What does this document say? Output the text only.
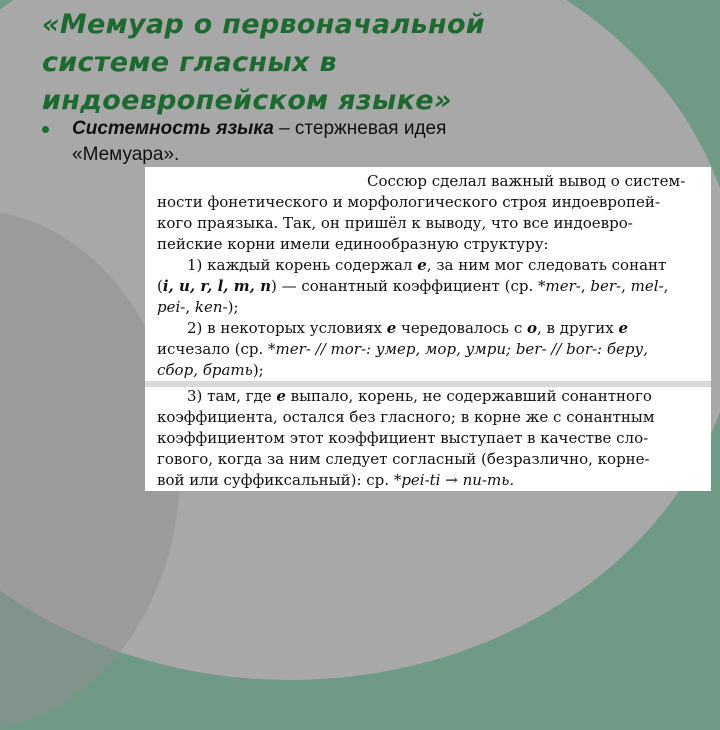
«Мемуар о первоначальной системе гласных в индоевропейском языке»
Системность языка – стержневая идея
«Мемуара».
Соссюр сделал важный вывод о систем-
ности фонетического и морфологического строя индоевропей-
кого праязыка. Так, он пришёл к выводу, что все индоевро-
пейские корни имели единообразную структуру:
1) каждый корень содержал e, за ним мог следовать сонант
(i, u, r, l, m, n) — сонантный коэффициент (ср. *mer-, ber-, mel-,
pei-, ken-);
2) в некоторых условиях e чередовалось с o, в других e
исчезало (ср. *mer- // mor-: умер, мор, умри; ber- // bor-: беру,
сбор, брать);
3) там, где e выпало, корень, не содержавший сонантного
коэффициента, остался без гласного; в корне же с сонантным
коэффициентом этот коэффициент выступает в качестве сло-
гового, когда за ним следует согласный (безразлично, корне-
вой или суффиксальный): ср. *pei-ti → пи-ть.
